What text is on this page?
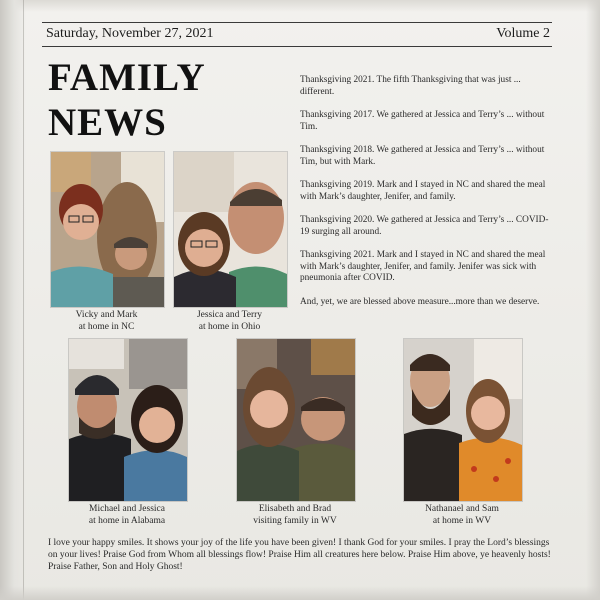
Saturday, November 27, 2021	Volume 2
FAMILY
NEWS

Thanksgiving 2021. The fifth Thanksgiving that was just ... different.

Thanksgiving 2017. We gathered at Jessica and Terry’s ... without Tim.

Thanksgiving 2018. We gathered at Jessica and Terry’s ... without Tim, but with Mark.

Thanksgiving 2019. Mark and I stayed in NC and shared the meal with Mark’s daughter, Jenifer, and family.

Thanksgiving 2020. We gathered at Jessica and Terry’s ... COVID-19 surging all around.

Thanksgiving 2021. Mark and I stayed in NC and shared the meal with Mark’s daughter, Jenifer, and family. Jenifer was sick with pneumonia after COVID.

And, yet, we are blessed above measure...more than we deserve.

Vicky and Mark
at home in NC
Jessica and Terry
at home in Ohio
Michael and Jessica
at home in Alabama
Elisabeth and Brad
visiting family in WV
Nathanael and Sam
at home in WV
I love your happy smiles. It shows your joy of the life you have been given! I thank God for your smiles. I pray the Lord’s blessings on your lives! Praise God from Whom all blessings flow! Praise Him all creatures here below. Praise Him above, ye heavenly hosts! Praise Father, Son and Holy Ghost!
